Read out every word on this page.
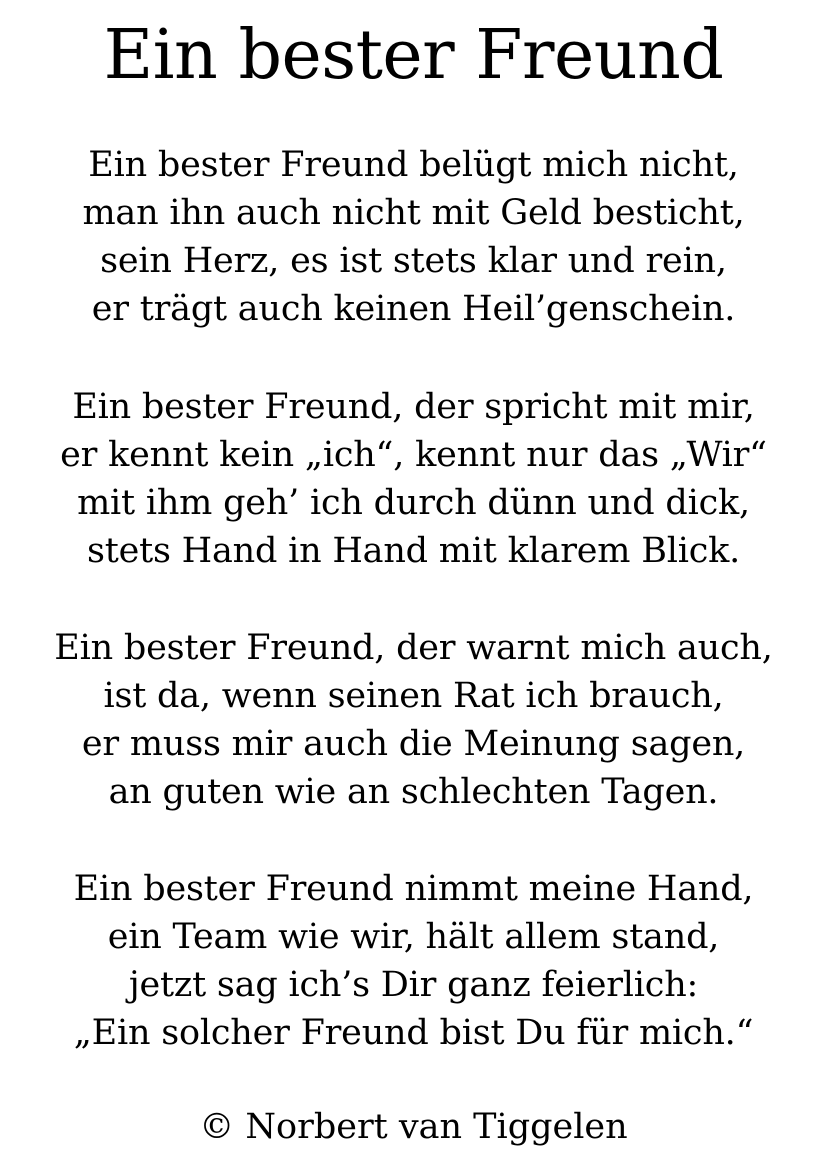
Ein bester Freund
Ein bester Freund belügt mich nicht,
man ihn auch nicht mit Geld besticht,
sein Herz, es ist stets klar und rein,
er trägt auch keinen Heil’genschein.
Ein bester Freund, der spricht mit mir,
er kennt kein „ich“, kennt nur das „Wir“
mit ihm geh’ ich durch dünn und dick,
stets Hand in Hand mit klarem Blick.
Ein bester Freund, der warnt mich auch,
ist da, wenn seinen Rat ich brauch,
er muss mir auch die Meinung sagen,
an guten wie an schlechten Tagen.
Ein bester Freund nimmt meine Hand,
ein Team wie wir, hält allem stand,
jetzt sag ich’s Dir ganz feierlich:
„Ein solcher Freund bist Du für mich.“

© Norbert van Tiggelen
